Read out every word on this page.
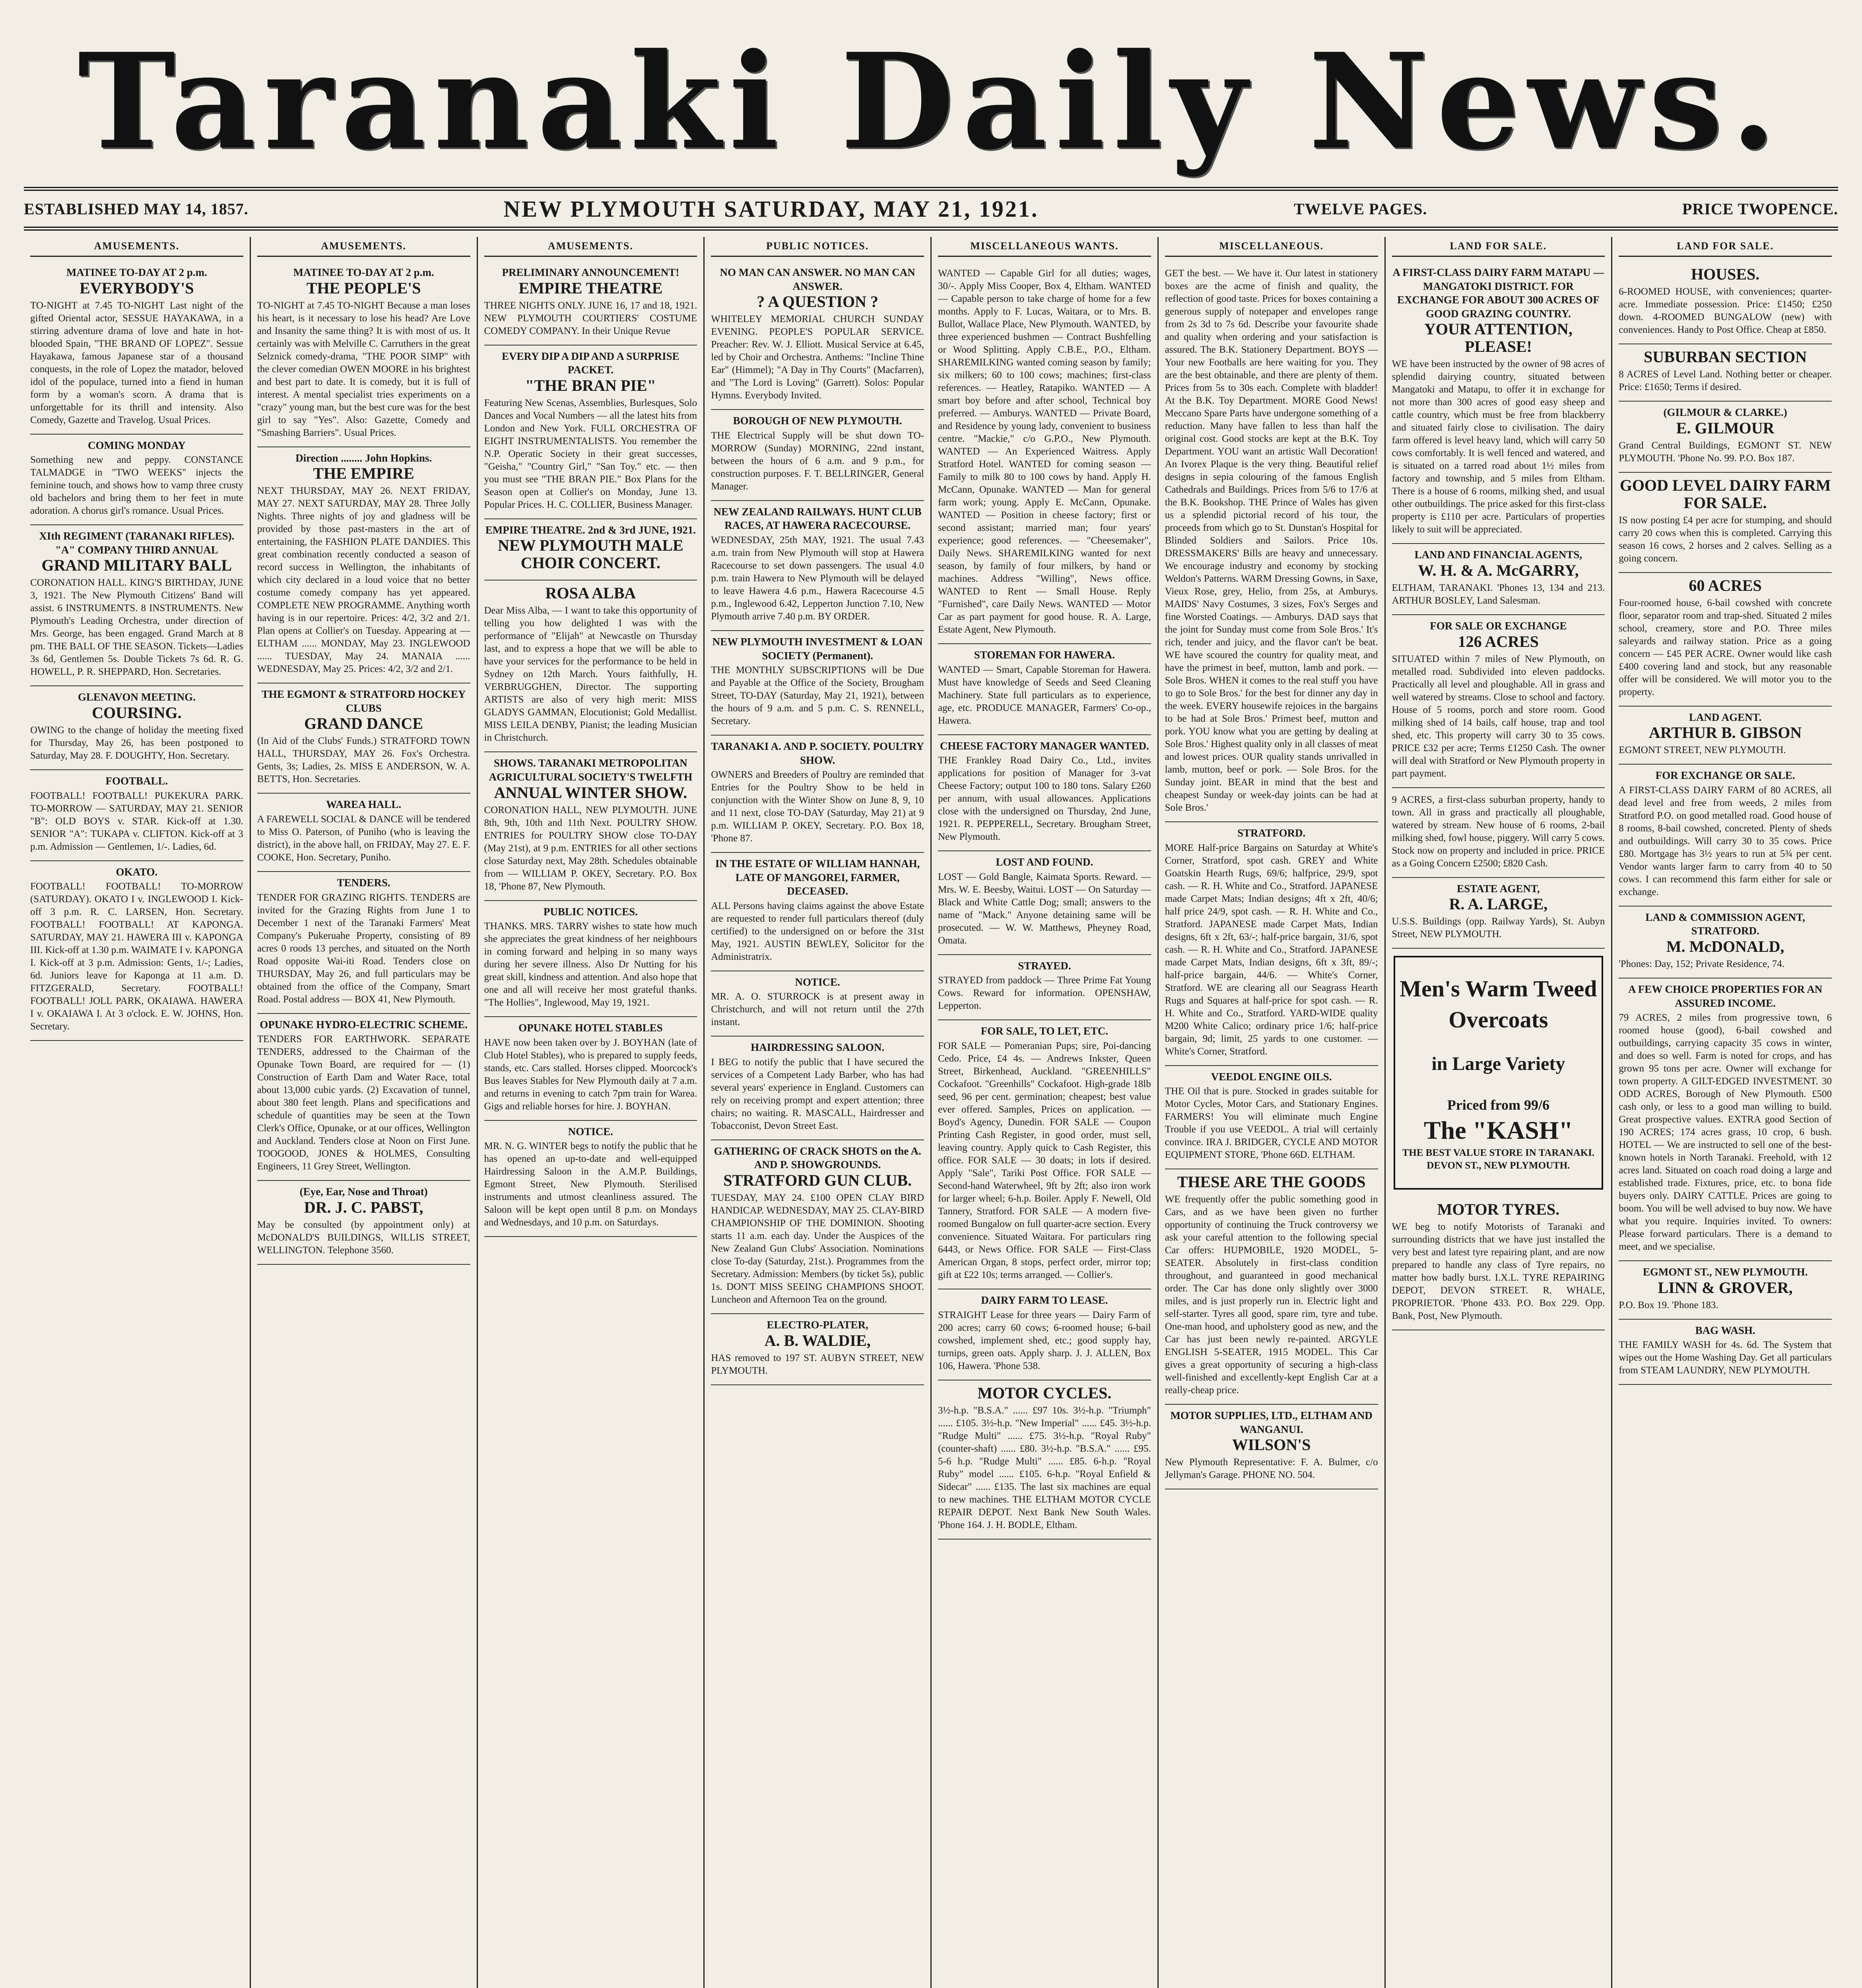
Taranaki Daily News.
ESTABLISHED MAY 14, 1857.	NEW PLYMOUTH SATURDAY, MAY 21, 1921.	TWELVE PAGES.	PRICE TWOPENCE.
AMUSEMENTS.
MATINEE TO-DAY AT 2 p.m.
EVERYBODY'S

TO-NIGHT at 7.45 TO-NIGHT Last night of the gifted Oriental actor, SESSUE HAYAKAWA, in a stirring adventure drama of love and hate in hot-blooded Spain, "THE BRAND OF LOPEZ". Sessue Hayakawa, famous Japanese star of a thousand conquests, in the role of Lopez the matador, beloved idol of the populace, turned into a fiend in human form by a woman's scorn. A drama that is unforgettable for its thrill and intensity. Also Comedy, Gazette and Travelog. Usual Prices.

COMING MONDAY

Something new and peppy. CONSTANCE TALMADGE in "TWO WEEKS" injects the feminine touch, and shows how to vamp three crusty old bachelors and bring them to her feet in mute adoration. A chorus girl's romance. Usual Prices.

XIth REGIMENT (TARANAKI RIFLES). "A" COMPANY THIRD ANNUAL
GRAND MILITARY BALL

CORONATION HALL. KING'S BIRTHDAY, JUNE 3, 1921. The New Plymouth Citizens' Band will assist. 6 INSTRUMENTS. 8 INSTRUMENTS. New Plymouth's Leading Orchestra, under direction of Mrs. George, has been engaged. Grand March at 8 pm. THE BALL OF THE SEASON. Tickets—Ladies 3s 6d, Gentlemen 5s. Double Tickets 7s 6d. R. G. HOWELL, P. R. SHEPPARD, Hon. Secretaries.

GLENAVON MEETING.
COURSING.

OWING to the change of holiday the meeting fixed for Thursday, May 26, has been postponed to Saturday, May 28. F. DOUGHTY, Hon. Secretary.

FOOTBALL.

FOOTBALL! FOOTBALL! PUKEKURA PARK. TO-MORROW — SATURDAY, MAY 21. SENIOR "B": OLD BOYS v. STAR. Kick-off at 1.30. SENIOR "A": TUKAPA v. CLIFTON. Kick-off at 3 p.m. Admission — Gentlemen, 1/-. Ladies, 6d.

OKATO.

FOOTBALL! FOOTBALL! TO-MORROW (SATURDAY). OKATO I v. INGLEWOOD I. Kick-off 3 p.m. R. C. LARSEN, Hon. Secretary. FOOTBALL! FOOTBALL! AT KAPONGA. SATURDAY, MAY 21. HAWERA III v. KAPONGA III. Kick-off at 1.30 p.m. WAIMATE I v. KAPONGA I. Kick-off at 3 p.m. Admission: Gents, 1/-; Ladies, 6d. Juniors leave for Kaponga at 11 a.m. D. FITZGERALD, Secretary. FOOTBALL! FOOTBALL! JOLL PARK, OKAIAWA. HAWERA I v. OKAIAWA I. At 3 o'clock. E. W. JOHNS, Hon. Secretary.

AMUSEMENTS.
MATINEE TO-DAY AT 2 p.m.
THE PEOPLE'S

TO-NIGHT at 7.45 TO-NIGHT Because a man loses his heart, is it necessary to lose his head? Are Love and Insanity the same thing? It is with most of us. It certainly was with Melville C. Carruthers in the great Selznick comedy-drama, "THE POOR SIMP" with the clever comedian OWEN MOORE in his brightest and best part to date. It is comedy, but it is full of interest. A mental specialist tries experiments on a "crazy" young man, but the best cure was for the best girl to say "Yes". Also: Gazette, Comedy and "Smashing Barriers". Usual Prices.

Direction ........ John Hopkins.
THE EMPIRE

NEXT THURSDAY, MAY 26. NEXT FRIDAY, MAY 27. NEXT SATURDAY, MAY 28. Three Jolly Nights. Three nights of joy and gladness will be provided by those past-masters in the art of entertaining, the FASHION PLATE DANDIES. This great combination recently conducted a season of record success in Wellington, the inhabitants of which city declared in a loud voice that no better costume comedy company has yet appeared. COMPLETE NEW PROGRAMME. Anything worth having is in our repertoire. Prices: 4/2, 3/2 and 2/1. Plan opens at Collier's on Tuesday. Appearing at — ELTHAM ...... MONDAY, May 23. INGLEWOOD ...... TUESDAY, May 24. MANAIA ...... WEDNESDAY, May 25. Prices: 4/2, 3/2 and 2/1.

THE EGMONT & STRATFORD HOCKEY CLUBS
GRAND DANCE

(In Aid of the Clubs' Funds.) STRATFORD TOWN HALL, THURSDAY, MAY 26. Fox's Orchestra. Gents, 3s; Ladies, 2s. MISS E ANDERSON, W. A. BETTS, Hon. Secretaries.

WAREA HALL.

A FAREWELL SOCIAL & DANCE will be tendered to Miss O. Paterson, of Puniho (who is leaving the district), in the above hall, on FRIDAY, May 27. E. F. COOKE, Hon. Secretary, Puniho.

TENDERS.

TENDER FOR GRAZING RIGHTS. TENDERS are invited for the Grazing Rights from June 1 to December 1 next of the Taranaki Farmers' Meat Company's Pukeruahe Property, consisting of 89 acres 0 roods 13 perches, and situated on the North Road opposite Wai-iti Road. Tenders close on THURSDAY, May 26, and full particulars may be obtained from the office of the Company, Smart Road. Postal address — BOX 41, New Plymouth.

OPUNAKE HYDRO-ELECTRIC SCHEME.

TENDERS FOR EARTHWORK. SEPARATE TENDERS, addressed to the Chairman of the Opunake Town Board, are required for — (1) Construction of Earth Dam and Water Race, total about 13,000 cubic yards. (2) Excavation of tunnel, about 380 feet length. Plans and specifications and schedule of quantities may be seen at the Town Clerk's Office, Opunake, or at our offices, Wellington and Auckland. Tenders close at Noon on First June. TOOGOOD, JONES & HOLMES, Consulting Engineers, 11 Grey Street, Wellington.

(Eye, Ear, Nose and Throat)
DR. J. C. PABST,

May be consulted (by appointment only) at McDONALD'S BUILDINGS, WILLIS STREET, WELLINGTON. Telephone 3560.

AMUSEMENTS.
PRELIMINARY ANNOUNCEMENT!
EMPIRE THEATRE

THREE NIGHTS ONLY. JUNE 16, 17 and 18, 1921. NEW PLYMOUTH COURTIERS' COSTUME COMEDY COMPANY. In their Unique Revue

EVERY DIP A DIP AND A SURPRISE PACKET.
"THE BRAN PIE"

Featuring New Scenas, Assemblies, Burlesques, Solo Dances and Vocal Numbers — all the latest hits from London and New York. FULL ORCHESTRA OF EIGHT INSTRUMENTALISTS. You remember the N.P. Operatic Society in their great successes, "Geisha," "Country Girl," "San Toy." etc. — then you must see "THE BRAN PIE." Box Plans for the Season open at Collier's on Monday, June 13. Popular Prices. H. C. COLLIER, Business Manager.

EMPIRE THEATRE. 2nd & 3rd JUNE, 1921.
NEW PLYMOUTH MALE CHOIR CONCERT.
ROSA ALBA

Dear Miss Alba, — I want to take this opportunity of telling you how delighted I was with the performance of "Elijah" at Newcastle on Thursday last, and to express a hope that we will be able to have your services for the performance to be held in Sydney on 12th March. Yours faithfully, H. VERBRUGGHEN, Director. The supporting ARTISTS are also of very high merit: MISS GLADYS GAMMAN, Elocutionist; Gold Medallist. MISS LEILA DENBY, Pianist; the leading Musician in Christchurch.

SHOWS. TARANAKI METROPOLITAN AGRICULTURAL SOCIETY'S TWELFTH
ANNUAL WINTER SHOW.

CORONATION HALL, NEW PLYMOUTH. JUNE 8th, 9th, 10th and 11th Next. POULTRY SHOW. ENTRIES for POULTRY SHOW close TO-DAY (May 21st), at 9 p.m. ENTRIES for all other sections close Saturday next, May 28th. Schedules obtainable from — WILLIAM P. OKEY, Secretary. P.O. Box 18, 'Phone 87, New Plymouth.

PUBLIC NOTICES.

THANKS. MRS. TARRY wishes to state how much she appreciates the great kindness of her neighbours in coming forward and helping in so many ways during her severe illness. Also Dr Nutting for his great skill, kindness and attention. And also hope that one and all will receive her most grateful thanks. "The Hollies", Inglewood, May 19, 1921.

OPUNAKE HOTEL STABLES

HAVE now been taken over by J. BOYHAN (late of Club Hotel Stables), who is prepared to supply feeds, stands, etc. Cars stalled. Horses clipped. Moorcock's Bus leaves Stables for New Plymouth daily at 7 a.m. and returns in evening to catch 7pm train for Warea. Gigs and reliable horses for hire. J. BOYHAN.

NOTICE.

MR. N. G. WINTER begs to notify the public that he has opened an up-to-date and well-equipped Hairdressing Saloon in the A.M.P. Buildings, Egmont Street, New Plymouth. Sterilised instruments and utmost cleanliness assured. The Saloon will be kept open until 8 p.m. on Mondays and Wednesdays, and 10 p.m. on Saturdays.

PUBLIC NOTICES.
NO MAN CAN ANSWER. NO MAN CAN ANSWER.
? A QUESTION ?

WHITELEY MEMORIAL CHURCH SUNDAY EVENING. PEOPLE'S POPULAR SERVICE. Preacher: Rev. W. J. Elliott. Musical Service at 6.45, led by Choir and Orchestra. Anthems: "Incline Thine Ear" (Himmel); "A Day in Thy Courts" (Macfarren), and "The Lord is Loving" (Garrett). Solos: Popular Hymns. Everybody Invited.

BOROUGH OF NEW PLYMOUTH.

THE Electrical Supply will be shut down TO-MORROW (Sunday) MORNING, 22nd instant, between the hours of 6 a.m. and 9 p.m., for construction purposes. F. T. BELLRINGER, General Manager.

NEW ZEALAND RAILWAYS. HUNT CLUB RACES, AT HAWERA RACECOURSE.

WEDNESDAY, 25th MAY, 1921. The usual 7.43 a.m. train from New Plymouth will stop at Hawera Racecourse to set down passengers. The usual 4.0 p.m. train Hawera to New Plymouth will be delayed to leave Hawera 4.6 p.m., Hawera Racecourse 4.5 p.m., Inglewood 6.42, Lepperton Junction 7.10, New Plymouth arrive 7.40 p.m. BY ORDER.

NEW PLYMOUTH INVESTMENT & LOAN SOCIETY (Permanent).

THE MONTHLY SUBSCRIPTIONS will be Due and Payable at the Office of the Society, Brougham Street, TO-DAY (Saturday, May 21, 1921), between the hours of 9 a.m. and 5 p.m. C. S. RENNELL, Secretary.

TARANAKI A. AND P. SOCIETY. POULTRY SHOW.

OWNERS and Breeders of Poultry are reminded that Entries for the Poultry Show to be held in conjunction with the Winter Show on June 8, 9, 10 and 11 next, close TO-DAY (Saturday, May 21) at 9 p.m. WILLIAM P. OKEY, Secretary. P.O. Box 18, 'Phone 87.

IN THE ESTATE OF WILLIAM HANNAH, LATE OF MANGOREI, FARMER, DECEASED.

ALL Persons having claims against the above Estate are requested to render full particulars thereof (duly certified) to the undersigned on or before the 31st May, 1921. AUSTIN BEWLEY, Solicitor for the Administratrix.

NOTICE.

MR. A. O. STURROCK is at present away in Christchurch, and will not return until the 27th instant.

HAIRDRESSING SALOON.

I BEG to notify the public that I have secured the services of a Competent Lady Barber, who has had several years' experience in England. Customers can rely on receiving prompt and expert attention; three chairs; no waiting. R. MASCALL, Hairdresser and Tobacconist, Devon Street East.

GATHERING OF CRACK SHOTS on the A. AND P. SHOWGROUNDS.
STRATFORD GUN CLUB.

TUESDAY, MAY 24. £100 OPEN CLAY BIRD HANDICAP. WEDNESDAY, MAY 25. CLAY-BIRD CHAMPIONSHIP OF THE DOMINION. Shooting starts 11 a.m. each day. Under the Auspices of the New Zealand Gun Clubs' Association. Nominations close To-day (Saturday, 21st.). Programmes from the Secretary. Admission: Members (by ticket 5s), public 1s. DON'T MISS SEEING CHAMPIONS SHOOT. Luncheon and Afternoon Tea on the ground.

ELECTRO-PLATER,
A. B. WALDIE,

HAS removed to 197 ST. AUBYN STREET, NEW PLYMOUTH.

MISCELLANEOUS WANTS.

WANTED — Capable Girl for all duties; wages, 30/-. Apply Miss Cooper, Box 4, Eltham. WANTED — Capable person to take charge of home for a few months. Apply to F. Lucas, Waitara, or to Mrs. B. Bullot, Wallace Place, New Plymouth. WANTED, by three experienced bushmen — Contract Bushfelling or Wood Splitting. Apply C.B.E., P.O., Eltham. SHAREMILKING wanted coming season by family; six milkers; 60 to 100 cows; machines; first-class references. — Heatley, Ratapiko. WANTED — A smart boy before and after school, Technical boy preferred. — Amburys. WANTED — Private Board, and Residence by young lady, convenient to business centre. "Mackie," c/o G.P.O., New Plymouth. WANTED — An Experienced Waitress. Apply Stratford Hotel. WANTED for coming season — Family to milk 80 to 100 cows by hand. Apply H. McCann, Opunake. WANTED — Man for general farm work; young. Apply E. McCann, Opunake. WANTED — Position in cheese factory; first or second assistant; married man; four years' experience; good references. — "Cheesemaker", Daily News. SHAREMILKING wanted for next season, by family of four milkers, by hand or machines. Address "Willing", News office. WANTED to Rent — Small House. Reply "Furnished", care Daily News. WANTED — Motor Car as part payment for good house. R. A. Large, Estate Agent, New Plymouth.

STOREMAN FOR HAWERA.

WANTED — Smart, Capable Storeman for Hawera. Must have knowledge of Seeds and Seed Cleaning Machinery. State full particulars as to experience, age, etc. PRODUCE MANAGER, Farmers' Co-op., Hawera.

CHEESE FACTORY MANAGER WANTED.

THE Frankley Road Dairy Co., Ltd., invites applications for position of Manager for 3-vat Cheese Factory; output 100 to 180 tons. Salary £260 per annum, with usual allowances. Applications close with the undersigned on Thursday, 2nd June, 1921. R. PEPPERELL, Secretary. Brougham Street, New Plymouth.

LOST AND FOUND.

LOST — Gold Bangle, Kaimata Sports. Reward. — Mrs. W. E. Beesby, Waitui. LOST — On Saturday — Black and White Cattle Dog; small; answers to the name of "Mack." Anyone detaining same will be prosecuted. — W. W. Matthews, Pheyney Road, Omata.

STRAYED.

STRAYED from paddock — Three Prime Fat Young Cows. Reward for information. OPENSHAW, Lepperton.

FOR SALE, TO LET, ETC.

FOR SALE — Pomeranian Pups; sire, Poi-dancing Cedo. Price, £4 4s. — Andrews Inkster, Queen Street, Birkenhead, Auckland. "GREENHILLS" Cockafoot. "Greenhills" Cockafoot. High-grade 18lb seed, 96 per cent. germination; cheapest; best value ever offered. Samples, Prices on application. — Boyd's Agency, Dunedin. FOR SALE — Coupon Printing Cash Register, in good order, must sell, leaving country. Apply quick to Cash Register, this office. FOR SALE — 30 doats; in lots if desired. Apply "Sale", Tariki Post Office. FOR SALE — Second-hand Waterwheel, 9ft by 2ft; also iron work for larger wheel; 6-h.p. Boiler. Apply F. Newell, Old Tannery, Stratford. FOR SALE — A modern five-roomed Bungalow on full quarter-acre section. Every convenience. Situated Waitara. For particulars ring 6443, or News Office. FOR SALE — First-Class American Organ, 8 stops, perfect order, mirror top; gift at £22 10s; terms arranged. — Collier's.

DAIRY FARM TO LEASE.

STRAIGHT Lease for three years — Dairy Farm of 200 acres; carry 60 cows; 6-roomed house; 6-bail cowshed, implement shed, etc.; good supply hay, turnips, green oats. Apply sharp. J. J. ALLEN, Box 106, Hawera. 'Phone 538.

MOTOR CYCLES.

3½-h.p. "B.S.A." ...... £97 10s. 3½-h.p. "Triumph" ...... £105. 3½-h.p. "New Imperial" ...... £45. 3½-h.p. "Rudge Multi" ...... £75. 3½-h.p. "Royal Ruby" (counter-shaft) ...... £80. 3½-h.p. "B.S.A." ...... £95. 5-6 h.p. "Rudge Multi" ...... £85. 6-h.p. "Royal Ruby" model ...... £105. 6-h.p. "Royal Enfield & Sidecar" ...... £135. The last six machines are equal to new machines. THE ELTHAM MOTOR CYCLE REPAIR DEPOT. Next Bank New South Wales. 'Phone 164. J. H. BODLE, Eltham.

MISCELLANEOUS.

GET the best. — We have it. Our latest in stationery boxes are the acme of finish and quality, the reflection of good taste. Prices for boxes containing a generous supply of notepaper and envelopes range from 2s 3d to 7s 6d. Describe your favourite shade and quality when ordering and your satisfaction is assured. The B.K. Stationery Department. BOYS — Your new Footballs are here waiting for you. They are the best obtainable, and there are plenty of them. Prices from 5s to 30s each. Complete with bladder! At the B.K. Toy Department. MORE Good News! Meccano Spare Parts have undergone something of a reduction. Many have fallen to less than half the original cost. Good stocks are kept at the B.K. Toy Department. YOU want an artistic Wall Decoration! An Ivorex Plaque is the very thing. Beautiful relief designs in sepia colouring of the famous English Cathedrals and Buildings. Prices from 5/6 to 17/6 at the B.K. Bookshop. THE Prince of Wales has given us a splendid pictorial record of his tour, the proceeds from which go to St. Dunstan's Hospital for Blinded Soldiers and Sailors. Price 10s. DRESSMAKERS' Bills are heavy and unnecessary. We encourage industry and economy by stocking Weldon's Patterns. WARM Dressing Gowns, in Saxe, Vieux Rose, grey, Helio, from 25s, at Amburys. MAIDS' Navy Costumes, 3 sizes, Fox's Serges and fine Worsted Coatings. — Amburys. DAD says that the joint for Sunday must come from Sole Bros.' It's rich, tender and juicy, and the flavor can't be beat. WE have scoured the country for quality meat, and have the primest in beef, mutton, lamb and pork. — Sole Bros. WHEN it comes to the real stuff you have to go to Sole Bros.' for the best for dinner any day in the week. EVERY housewife rejoices in the bargains to be had at Sole Bros.' Primest beef, mutton and pork. YOU know what you are getting by dealing at Sole Bros.' Highest quality only in all classes of meat and lowest prices. OUR quality stands unrivalled in lamb, mutton, beef or pork. — Sole Bros. for the Sunday joint. BEAR in mind that the best and cheapest Sunday or week-day joints can be had at Sole Bros.'

STRATFORD.

MORE Half-price Bargains on Saturday at White's Corner, Stratford, spot cash. GREY and White Goatskin Hearth Rugs, 69/6; halfprice, 29/9, spot cash. — R. H. White and Co., Stratford. JAPANESE made Carpet Mats; Indian designs; 4ft x 2ft, 40/6; half price 24/9, spot cash. — R. H. White and Co., Stratford. JAPANESE made Carpet Mats, Indian designs, 6ft x 2ft, 63/-; half-price bargain, 31/6, spot cash. — R. H. White and Co., Stratford. JAPANESE made Carpet Mats, Indian designs, 6ft x 3ft, 89/-; half-price bargain, 44/6. — White's Corner, Stratford. WE are clearing all our Seagrass Hearth Rugs and Squares at half-price for spot cash. — R. H. White and Co., Stratford. YARD-WIDE quality M200 White Calico; ordinary price 1/6; half-price bargain, 9d; limit, 25 yards to one customer. — White's Corner, Stratford.

VEEDOL ENGINE OILS.

THE Oil that is pure. Stocked in grades suitable for Motor Cycles, Motor Cars, and Stationary Engines. FARMERS! You will eliminate much Engine Trouble if you use VEEDOL. A trial will certainly convince. IRA J. BRIDGER, CYCLE AND MOTOR EQUIPMENT STORE, 'Phone 66D. ELTHAM.

THESE ARE THE GOODS

WE frequently offer the public something good in Cars, and as we have been given no further opportunity of continuing the Truck controversy we ask your careful attention to the following special Car offers: HUPMOBILE, 1920 MODEL, 5-SEATER. Absolutely in first-class condition throughout, and guaranteed in good mechanical order. The Car has done only slightly over 3000 miles, and is just properly run in. Electric light and self-starter. Tyres all good, spare rim, tyre and tube. One-man hood, and upholstery good as new, and the Car has just been newly re-painted. ARGYLE ENGLISH 5-SEATER, 1915 MODEL. This Car gives a great opportunity of securing a high-class well-finished and excellently-kept English Car at a really-cheap price.

MOTOR SUPPLIES, LTD., ELTHAM AND WANGANUI.
WILSON'S

New Plymouth Representative: F. A. Bulmer, c/o Jellyman's Garage. PHONE NO. 504.

LAND FOR SALE.
A FIRST-CLASS DAIRY FARM MATAPU — MANGATOKI DISTRICT. FOR EXCHANGE FOR ABOUT 300 ACRES OF GOOD GRAZING COUNTRY.
YOUR ATTENTION, PLEASE!

WE have been instructed by the owner of 98 acres of splendid dairying country, situated between Mangatoki and Matapu, to offer it in exchange for not more than 300 acres of good easy sheep and cattle country, which must be free from blackberry and situated fairly close to civilisation. The dairy farm offered is level heavy land, which will carry 50 cows comfortably. It is well fenced and watered, and is situated on a tarred road about 1½ miles from factory and township, and 5 miles from Eltham. There is a house of 6 rooms, milking shed, and usual other outbuildings. The price asked for this first-class property is £110 per acre. Particulars of properties likely to suit will be appreciated.

LAND AND FINANCIAL AGENTS,
W. H. & A. McGARRY,

ELTHAM, TARANAKI. 'Phones 13, 134 and 213. ARTHUR BOSLEY, Land Salesman.

FOR SALE OR EXCHANGE
126 ACRES

SITUATED within 7 miles of New Plymouth, on metalled road. Subdivided into eleven paddocks. Practically all level and ploughable. All in grass and well watered by streams. Close to school and factory. House of 5 rooms, porch and store room. Good milking shed of 14 bails, calf house, trap and tool shed, etc. This property will carry 30 to 35 cows. PRICE £32 per acre; Terms £1250 Cash. The owner will deal with Stratford or New Plymouth property in part payment.

9 ACRES, a first-class suburban property, handy to town. All in grass and practically all ploughable, watered by stream. New house of 6 rooms, 2-bail milking shed, fowl house, piggery. Will carry 5 cows. Stock now on property and included in price. PRICE as a Going Concern £2500; £820 Cash.

ESTATE AGENT,
R. A. LARGE,

U.S.S. Buildings (opp. Railway Yards), St. Aubyn Street, NEW PLYMOUTH.

Men's Warm Tweed Overcoats
in Large Variety
Priced from 99/6
The "KASH"
THE BEST VALUE STORE IN TARANAKI.
DEVON ST., NEW PLYMOUTH.
MOTOR TYRES.

WE beg to notify Motorists of Taranaki and surrounding districts that we have just installed the very best and latest tyre repairing plant, and are now prepared to handle any class of Tyre repairs, no matter how badly burst. I.X.L. TYRE REPAIRING DEPOT, DEVON STREET. R. WHALE, PROPRIETOR. 'Phone 433. P.O. Box 229. Opp. Bank, Post, New Plymouth.

LAND FOR SALE.
HOUSES.

6-ROOMED HOUSE, with conveniences; quarter-acre. Immediate possession. Price: £1450; £250 down. 4-ROOMED BUNGALOW (new) with conveniences. Handy to Post Office. Cheap at £850.

SUBURBAN SECTION

8 ACRES of Level Land. Nothing better or cheaper. Price: £1650; Terms if desired.

(GILMOUR & CLARKE.)
E. GILMOUR

Grand Central Buildings, EGMONT ST. NEW PLYMOUTH. 'Phone No. 99. P.O. Box 187.

GOOD LEVEL DAIRY FARM FOR SALE.

IS now posting £4 per acre for stumping, and should carry 20 cows when this is completed. Carrying this season 16 cows, 2 horses and 2 calves. Selling as a going concern.

60 ACRES

Four-roomed house, 6-bail cowshed with concrete floor, separator room and trap-shed. Situated 2 miles school, creamery, store and P.O. Three miles saleyards and railway station. Price as a going concern — £45 PER ACRE. Owner would like cash £400 covering land and stock, but any reasonable offer will be considered. We will motor you to the property.

LAND AGENT.
ARTHUR B. GIBSON

EGMONT STREET, NEW PLYMOUTH.

FOR EXCHANGE OR SALE.

A FIRST-CLASS DAIRY FARM of 80 ACRES, all dead level and free from weeds, 2 miles from Stratford P.O. on good metalled road. Good house of 8 rooms, 8-bail cowshed, concreted. Plenty of sheds and outbuildings. Will carry 30 to 35 cows. Price £80. Mortgage has 3½ years to run at 5¾ per cent. Vendor wants larger farm to carry from 40 to 50 cows. I can recommend this farm either for sale or exchange.

LAND & COMMISSION AGENT, STRATFORD.
M. McDONALD,

'Phones: Day, 152; Private Residence, 74.

A FEW CHOICE PROPERTIES FOR AN ASSURED INCOME.

79 ACRES, 2 miles from progressive town, 6 roomed house (good), 6-bail cowshed and outbuildings, carrying capacity 35 cows in winter, and does so well. Farm is noted for crops, and has grown 95 tons per acre. Owner will exchange for town property. A GILT-EDGED INVESTMENT. 30 ODD ACRES, Borough of New Plymouth. £500 cash only, or less to a good man willing to build. Great prospective values. EXTRA good Section of 190 ACRES; 174 acres grass, 10 crop, 6 bush. HOTEL — We are instructed to sell one of the best-known hotels in North Taranaki. Freehold, with 12 acres land. Situated on coach road doing a large and established trade. Fixtures, price, etc. to bona fide buyers only. DAIRY CATTLE. Prices are going to boom. You will be well advised to buy now. We have what you require. Inquiries invited. To owners: Please forward particulars. There is a demand to meet, and we specialise.

EGMONT ST., NEW PLYMOUTH.
LINN & GROVER,

P.O. Box 19. 'Phone 183.

BAG WASH.

THE FAMILY WASH for 4s. 6d. The System that wipes out the Home Washing Day. Get all particulars from STEAM LAUNDRY, NEW PLYMOUTH.
